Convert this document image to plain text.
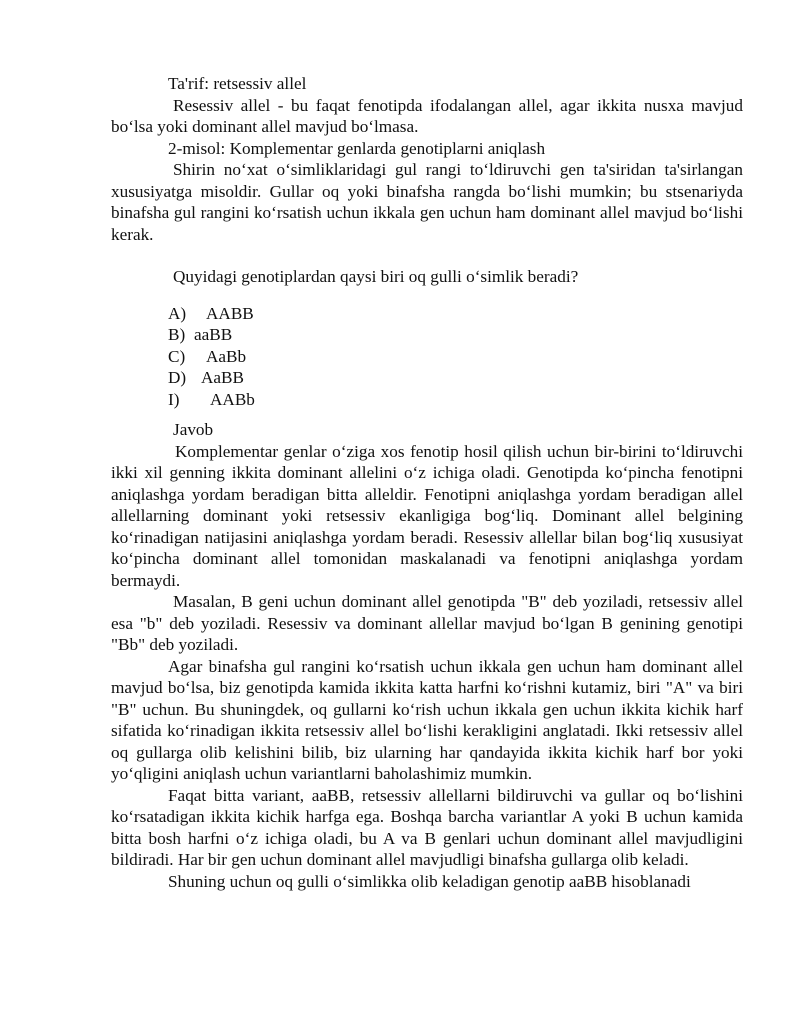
Ta'rif: retsessiv allel

Resessiv allel - bu faqat fenotipda ifodalangan allel, agar ikkita nusxa mavjud bo‘lsa yoki dominant allel mavjud bo‘lmasa.

2-misol: Komplementar genlarda genotiplarni aniqlash

Shirin no‘xat o‘simliklaridagi gul rangi to‘ldiruvchi gen ta'siridan ta'sirlangan xususiyatga misoldir. Gullar oq yoki binafsha rangda bo‘lishi mumkin; bu stsenariyda binafsha gul rangini ko‘rsatish uchun ikkala gen uchun ham dominant allel mavjud bo‘lishi kerak.

Quyidagi genotiplardan qaysi biri oq gulli o‘simlik beradi?

A)	AABB
B) aaBB
C)	AaBb
D) AaBB
I)	AABb

Javob

Komplementar genlar o‘ziga xos fenotip hosil qilish uchun bir-birini to‘ldiruvchi ikki xil genning ikkita dominant allelini o‘z ichiga oladi. Genotipda ko‘pincha fenotipni aniqlashga yordam beradigan bitta alleldir. Fenotipni aniqlashga yordam beradigan allel allellarning dominant yoki retsessiv ekanligiga bog‘liq. Dominant allel belgining ko‘rinadigan natijasini aniqlashga yordam beradi. Resessiv allellar bilan bog‘liq xususiyat ko‘pincha dominant allel tomonidan maskalanadi va fenotipni aniqlashga yordam bermaydi.

Masalan, B geni uchun dominant allel genotipda "B" deb yoziladi, retsessiv allel esa "b" deb yoziladi. Resessiv va dominant allellar mavjud bo‘lgan B genining genotipi "Bb" deb yoziladi.

Agar binafsha gul rangini ko‘rsatish uchun ikkala gen uchun ham dominant allel mavjud bo‘lsa, biz genotipda kamida ikkita katta harfni ko‘rishni kutamiz, biri "A" va biri "B" uchun. Bu shuningdek, oq gullarni ko‘rish uchun ikkala gen uchun ikkita kichik harf sifatida ko‘rinadigan ikkita retsessiv allel bo‘lishi kerakligini anglatadi. Ikki retsessiv allel oq gullarga olib kelishini bilib, biz ularning har qandayida ikkita kichik harf bor yoki yo‘qligini aniqlash uchun variantlarni baholashimiz mumkin.

Faqat bitta variant, aaBB, retsessiv allellarni bildiruvchi va gullar oq bo‘lishini ko‘rsatadigan ikkita kichik harfga ega. Boshqa barcha variantlar A yoki B uchun kamida bitta bosh harfni o‘z ichiga oladi, bu A va B genlari uchun dominant allel mavjudligini bildiradi. Har bir gen uchun dominant allel mavjudligi binafsha gullarga olib keladi.

Shuning uchun oq gulli o‘simlikka olib keladigan genotip aaBB hisoblanadi
